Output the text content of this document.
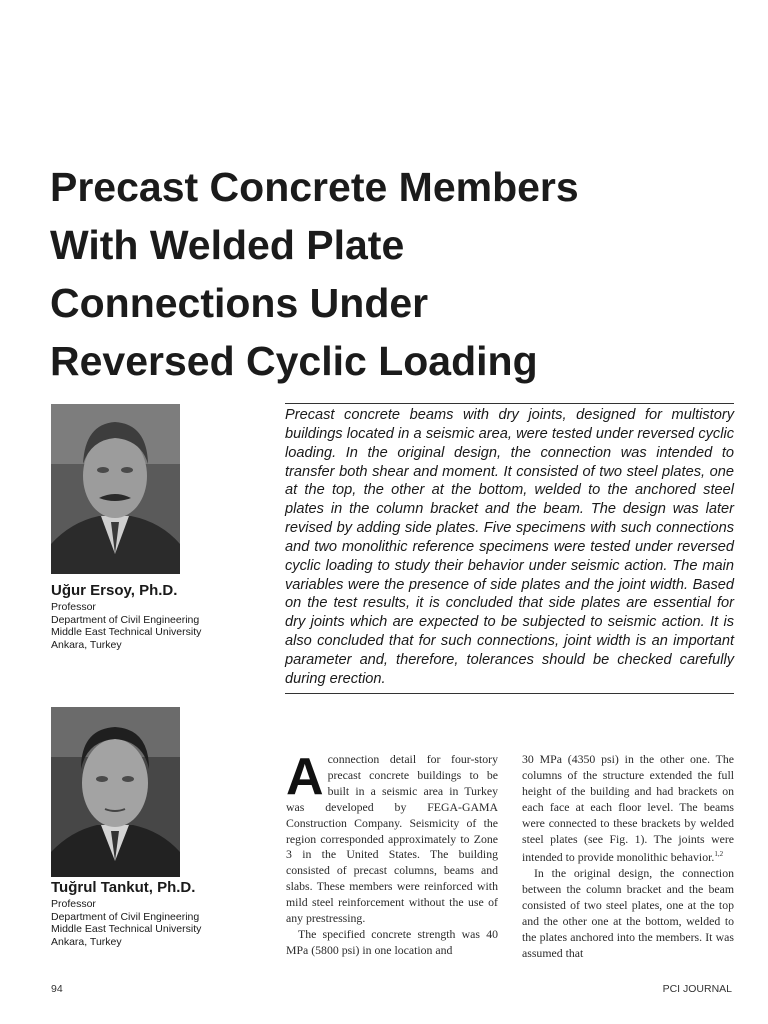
Precast Concrete Members
With Welded Plate
Connections Under
Reversed Cyclic Loading
Uğur Ersoy, Ph.D.
Professor
Department of Civil Engineering
Middle East Technical University
Ankara, Turkey
Tuğrul Tankut, Ph.D.
Professor
Department of Civil Engineering
Middle East Technical University
Ankara, Turkey
Precast concrete beams with dry joints, designed for multistory buildings located in a seismic area, were tested under reversed cyclic loading. In the original design, the connection was intended to transfer both shear and moment. It consisted of two steel plates, one at the top, the other at the bottom, welded to the anchored steel plates in the column bracket and the beam. The design was later revised by adding side plates. Five specimens with such connections and two monolithic reference specimens were tested under reversed cyclic loading to study their behavior under seismic action. The main variables were the presence of side plates and the joint width. Based on the test results, it is concluded that side plates are essential for dry joints which are expected to be subjected to seismic action. It is also concluded that for such connections, joint width is an important parameter and, therefore, tolerances should be checked carefully during erection.

Aconnection detail for four-story precast concrete buildings to be built in a seismic area in Turkey was developed by FEGA-GAMA Construction Company. Seismicity of the region corresponded approximately to Zone 3 in the United States. The building consisted of precast columns, beams and slabs. These members were reinforced with mild steel reinforcement without the use of any prestressing.

The specified concrete strength was 40 MPa (5800 psi) in one location and

30 MPa (4350 psi) in the other one. The columns of the structure extended the full height of the building and had brackets on each face at each floor level. The beams were connected to these brackets by welded steel plates (see Fig. 1). The joints were intended to provide monolithic behavior.$^{1,2}$

In the original design, the connection between the column bracket and the beam consisted of two steel plates, one at the top and the other one at the bottom, welded to the plates anchored into the members. It was assumed that

94	PCI JOURNAL
